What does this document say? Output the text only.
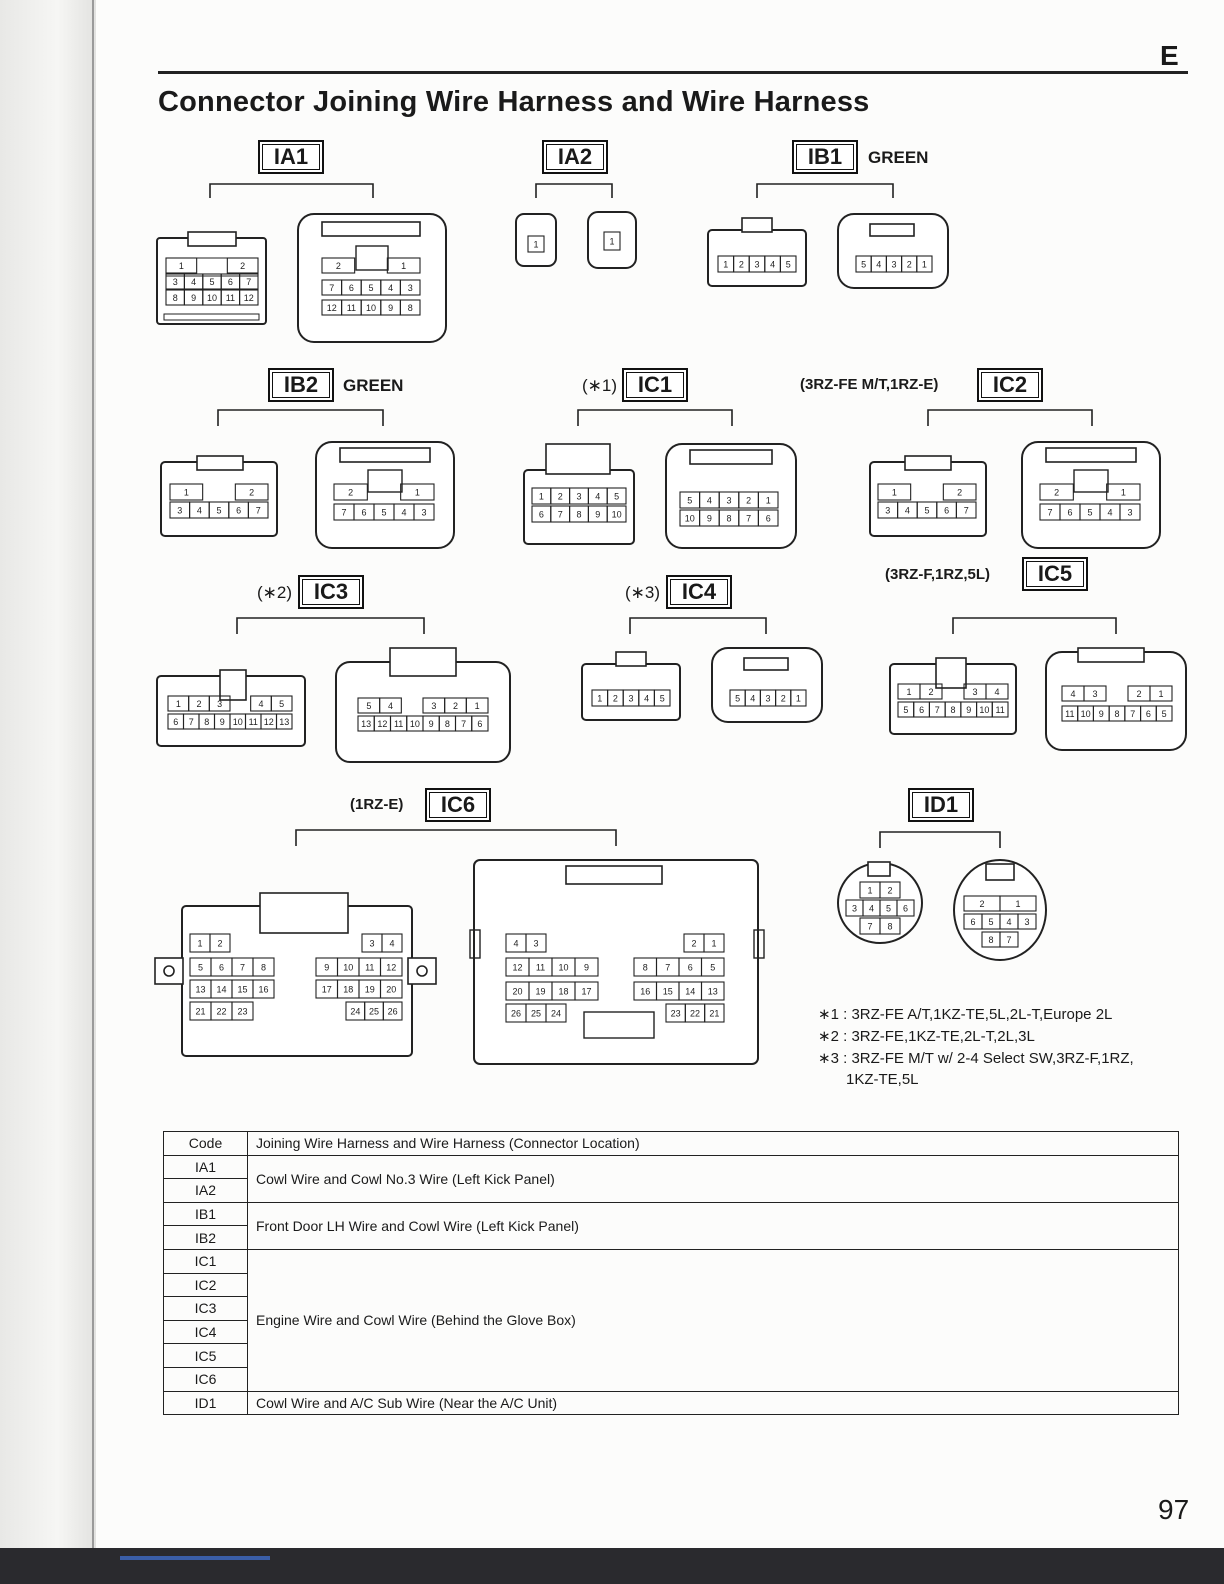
E
Connector Joining Wire Harness and Wire Harness
IA1	IA2	IB1	GREEN
IB2	GREEN	(∗1) IC1	(3RZ-FE M/T,1RZ-E)	IC2
(∗2) IC3	(∗3) IC4
(3RZ-F,1RZ,5L)	IC5
(1RZ-E)	IC6	ID1
1	2
3 4 5 6 7
8 9 10 11 12
2	1
7 6 5 4 3
12 11 10 9 8
1	1
1 2 3 4 5	5 4 3 2 1
1	2
3 4 5 6 7
2	1
7 6 5 4 3
1 2 3 4 5
6 7 8 9 10
5 4 3 2 1
10 9 8 7 6
1	2
3 4 5 6 7
2	1
7 6 5 4 3
1 2 3	4 5
6 7 8 9 10 11 12 13
5 4	3 2 1
13 12 11 10 9 8 7 6
1 2 3 4 5	5 4 3 2 1
1 2	3 4
5 6 7 8 9 10 11
4 3	2 1
11 10 9 8 7 6 5
1 2
5 6 7 8
13 14 15 16
21 22 23
3 4
9 10 11 12
17 18 19 20
24 25 26
4 3	2 1
12 11 10 9	8 7 6 5
20 19 18 17	16 15 14 13
26 25 24	23 22 21
1 2
3 4 5 6
7 8
2	1
6 5 4 3
8 7
∗1 : 3RZ-FE A/T,1KZ-TE,5L,2L-T,Europe 2L
∗2 : 3RZ-FE,1KZ-TE,2L-T,2L,3L
∗3 : 3RZ-FE M/T w/ 2-4 Select SW,3RZ-F,1RZ,
1KZ-TE,5L
Code	Joining Wire Harness and Wire Harness (Connector Location)
IA1	Cowl Wire and Cowl No.3 Wire (Left Kick Panel)
IA2	
IB1	Front Door LH Wire and Cowl Wire (Left Kick Panel)
IB2	
IC1	Engine Wire and Cowl Wire (Behind the Glove Box)
IC2	
IC3	
IC4	
IC5	
IC6	
ID1	Cowl Wire and A/C Sub Wire (Near the A/C Unit)
97
